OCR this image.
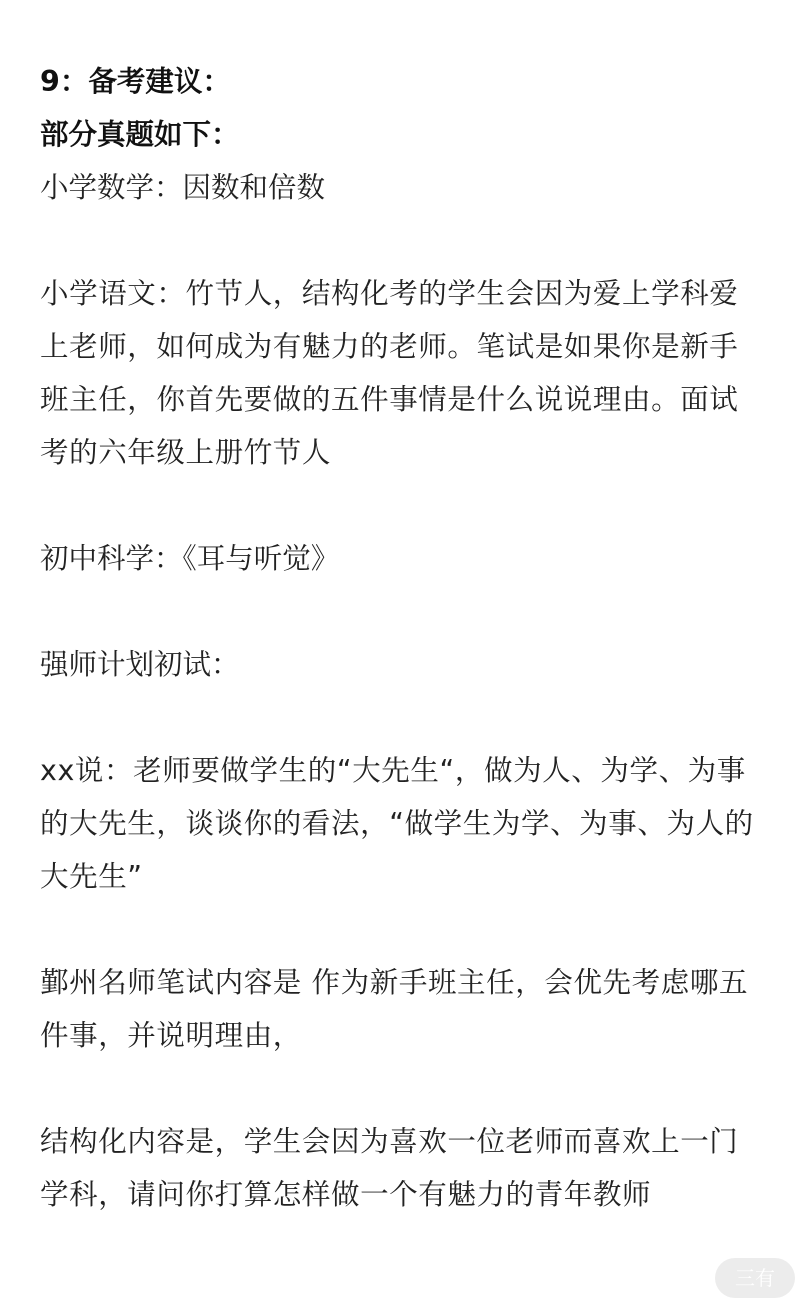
9：备考建议：

部分真题如下：

小学数学：因数和倍数

小学语文：竹节人，结构化考的学生会因为爱上学科爱上老师，如何成为有魅力的老师。笔试是如果你是新手班主任，你首先要做的五件事情是什么说说理由。面试考的六年级上册竹节人

初中科学：《耳与听觉》

强师计划初试：

xx说：老师要做学生的“大先生“，做为人、为学、为事的大先生，谈谈你的看法，“做学生为学、为事、为人的大先生”

鄞州名师笔试内容是 作为新手班主任，会优先考虑哪五件事，并说明理由，

结构化内容是，学生会因为喜欢一位老师而喜欢上一门学科，请问你打算怎样做一个有魅力的青年教师

三有
